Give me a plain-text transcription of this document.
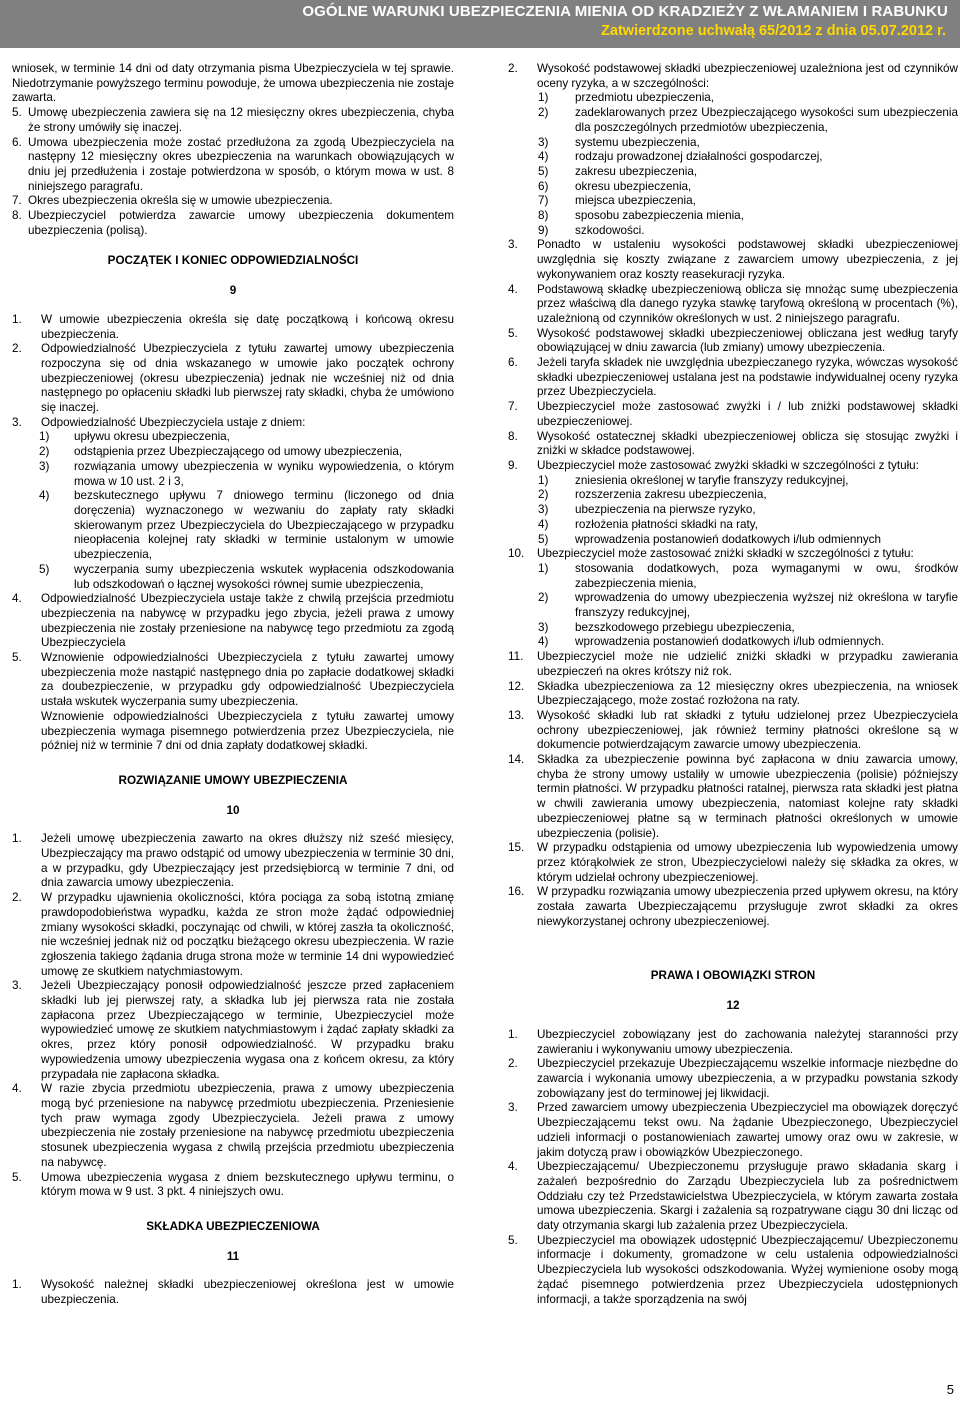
OGÓLNE WARUNKI UBEZPIECZENIA MIENIA OD KRADZIEŻY Z WŁAMANIEM I RABUNKU
Zatwierdzone uchwałą 65/2012 z dnia 05.07.2012 r.

wniosek, w terminie 14 dni od daty otrzymania pisma Ubezpieczyciela w tej sprawie. Niedotrzymanie powyższego terminu powoduje, że umowa ubezpieczenia nie zostaje zawarta.

5. Umowę ubezpieczenia zawiera się na 12 miesięczny okres ubezpieczenia, chyba że strony umówiły się inaczej.
6. Umowa ubezpieczenia może zostać przedłużona za zgodą Ubezpieczyciela na następny 12 miesięczny okres ubezpieczenia na warunkach obowiązujących w dniu jej przedłużenia i zostaje potwierdzona w sposób, o którym mowa w ust. 8 niniejszego paragrafu.
7. Okres ubezpieczenia określa się w umowie ubezpieczenia.
8. Ubezpieczyciel potwierdza zawarcie umowy ubezpieczenia dokumentem ubezpieczenia (polisą).
POCZĄTEK I KONIEC ODPOWIEDZIALNOŚCI
9
1.	W umowie ubezpieczenia określa się datę początkową i końcową okresu ubezpieczenia.
2.	Odpowiedzialność Ubezpieczyciela z tytułu zawartej umowy ubezpieczenia rozpoczyna się od dnia wskazanego w umowie jako początek ochrony ubezpieczeniowej (okresu ubezpieczenia) jednak nie wcześniej niż od dnia następnego po opłaceniu składki lub pierwszej raty składki, chyba że umówiono się inaczej.
3.	Odpowiedzialność Ubezpieczyciela ustaje z dniem:
1)	upływu okresu ubezpieczenia,
2)	odstąpienia przez Ubezpieczającego od umowy ubezpieczenia,
3)	rozwiązania umowy ubezpieczenia w wyniku wypowiedzenia, o którym mowa w 10 ust. 2 i 3,
4)	bezskutecznego upływu 7 dniowego terminu (liczonego od dnia doręczenia) wyznaczonego w wezwaniu do zapłaty raty składki skierowanym przez Ubezpieczyciela do Ubezpieczającego w przypadku nieopłacenia kolejnej raty składki w terminie ustalonym w umowie ubezpieczenia,
5)	wyczerpania sumy ubezpieczenia wskutek wypłacenia odszkodowania lub odszkodowań o łącznej wysokości równej sumie ubezpieczenia,
4.	Odpowiedzialność Ubezpieczyciela ustaje także z chwilą przejścia przedmiotu ubezpieczenia na nabywcę w przypadku jego zbycia, jeżeli prawa z umowy ubezpieczenia nie zostały przeniesione na nabywcę tego przedmiotu za zgodą Ubezpieczyciela
5.	Wznowienie odpowiedzialności Ubezpieczyciela z tytułu zawartej umowy ubezpieczenia może nastąpić następnego dnia po zapłacie dodatkowej składki za doubezpieczenie, w przypadku gdy odpowiedzialność Ubezpieczyciela ustała wskutek wyczerpania sumy ubezpieczenia.
Wznowienie odpowiedzialności Ubezpieczyciela z tytułu zawartej umowy ubezpieczenia wymaga pisemnego potwierdzenia przez Ubezpieczyciela, nie później niż w terminie 7 dni od dnia zapłaty dodatkowej składki.
ROZWIĄZANIE UMOWY UBEZPIECZENIA
10
1.	Jeżeli umowę ubezpieczenia zawarto na okres dłuższy niż sześć miesięcy, Ubezpieczający ma prawo odstąpić od umowy ubezpieczenia w terminie 30 dni, a w przypadku, gdy Ubezpieczający jest przedsiębiorcą w terminie 7 dni, od dnia zawarcia umowy ubezpieczenia.
2.	W przypadku ujawnienia okoliczności, która pociąga za sobą istotną zmianę prawdopodobieństwa wypadku, każda ze stron może żądać odpowiedniej zmiany wysokości składki, poczynając od chwili, w której zaszła ta okoliczność, nie wcześniej jednak niż od początku bieżącego okresu ubezpieczenia. W razie zgłoszenia takiego żądania druga strona może w terminie 14 dni wypowiedzieć umowę ze skutkiem natychmiastowym.
3.	Jeżeli Ubezpieczający ponosił odpowiedzialność jeszcze przed zapłaceniem składki lub jej pierwszej raty, a składka lub jej pierwsza rata nie została zapłacona przez Ubezpieczającego w terminie, Ubezpieczyciel może wypowiedzieć umowę ze skutkiem natychmiastowym i żądać zapłaty składki za okres, przez który ponosił odpowiedzialność. W przypadku braku wypowiedzenia umowy ubezpieczenia wygasa ona z końcem okresu, za który przypadała nie zapłacona składka.
4.	W razie zbycia przedmiotu ubezpieczenia, prawa z umowy ubezpieczenia mogą być przeniesione na nabywcę przedmiotu ubezpieczenia. Przeniesienie tych praw wymaga zgody Ubezpieczyciela. Jeżeli prawa z umowy ubezpieczenia nie zostały przeniesione na nabywcę przedmiotu ubezpieczenia stosunek ubezpieczenia wygasa z chwilą przejścia przedmiotu ubezpieczenia na nabywcę.
5.	Umowa ubezpieczenia wygasa z dniem bezskutecznego upływu terminu, o którym mowa w 9 ust. 3 pkt. 4 niniejszych owu.
SKŁADKA UBEZPIECZENIOWA
11
1.	Wysokość należnej składki ubezpieczeniowej określona jest w umowie ubezpieczenia.
2.	Wysokość podstawowej składki ubezpieczeniowej uzależniona jest od czynników oceny ryzyka, a w szczególności:
1)	przedmiotu ubezpieczenia,
2)	zadeklarowanych przez Ubezpieczającego wysokości sum ubezpieczenia dla poszczególnych przedmiotów ubezpieczenia,
3)	systemu ubezpieczenia,
4)	rodzaju prowadzonej działalności gospodarczej,
5)	zakresu ubezpieczenia,
6)	okresu ubezpieczenia,
7)	miejsca ubezpieczenia,
8)	sposobu zabezpieczenia mienia,
9)	szkodowości.
3.	Ponadto w ustaleniu wysokości podstawowej składki ubezpieczeniowej uwzględnia się koszty związane z zawarciem umowy ubezpieczenia, z jej wykonywaniem oraz koszty reasekuracji ryzyka.
4.	Podstawową składkę ubezpieczeniową oblicza się mnożąc sumę ubezpieczenia przez właściwą dla danego ryzyka stawkę taryfową określoną w procentach (%), uzależnioną od czynników określonych w ust. 2 niniejszego paragrafu.
5.	Wysokość podstawowej składki ubezpieczeniowej obliczana jest według taryfy obowiązującej w dniu zawarcia (lub zmiany) umowy ubezpieczenia.
6.	Jeżeli taryfa składek nie uwzględnia ubezpieczanego ryzyka, wówczas wysokość składki ubezpieczeniowej ustalana jest na podstawie indywidualnej oceny ryzyka przez Ubezpieczyciela.
7.	Ubezpieczyciel może zastosować zwyżki i / lub zniżki podstawowej składki ubezpieczeniowej.
8.	Wysokość ostatecznej składki ubezpieczeniowej oblicza się stosując zwyżki i zniżki w składce podstawowej.
9.	Ubezpieczyciel może zastosować zwyżki składki w szczególności z tytułu:
1)	zniesienia określonej w taryfie franszyzy redukcyjnej,
2)	rozszerzenia zakresu ubezpieczenia,
3)	ubezpieczenia na pierwsze ryzyko,
4)	rozłożenia płatności składki na raty,
5)	wprowadzenia postanowień dodatkowych i/lub odmiennych
10.	Ubezpieczyciel może zastosować zniżki składki w szczególności z tytułu:
1)	stosowania dodatkowych, poza wymaganymi w owu, środków zabezpieczenia mienia,
2)	wprowadzenia do umowy ubezpieczenia wyższej niż określona w taryfie franszyzy redukcyjnej,
3)	bezszkodowego przebiegu ubezpieczenia,
4)	wprowadzenia postanowień dodatkowych i/lub odmiennych.
11.	Ubezpieczyciel może nie udzielić zniżki składki w przypadku zawierania ubezpieczeń na okres krótszy niż rok.
12.	Składka ubezpieczeniowa za 12 miesięczny okres ubezpieczenia, na wniosek Ubezpieczającego, może zostać rozłożona na raty.
13.	Wysokość składki lub rat składki z tytułu udzielonej przez Ubezpieczyciela ochrony ubezpieczeniowej, jak również terminy płatności określone są w dokumencie potwierdzającym zawarcie umowy ubezpieczenia.
14.	Składka za ubezpieczenie powinna być zapłacona w dniu zawarcia umowy, chyba że strony umowy ustaliły w umowie ubezpieczenia (polisie) późniejszy termin płatności. W przypadku płatności ratalnej, pierwsza rata składki jest płatna w chwili zawierania umowy ubezpieczenia, natomiast kolejne raty składki ubezpieczeniowej płatne są w terminach płatności określonych w umowie ubezpieczenia (polisie).
15.	W przypadku odstąpienia od umowy ubezpieczenia lub wypowiedzenia umowy przez którąkolwiek ze stron, Ubezpieczycielowi należy się składka za okres, w którym udzielał ochrony ubezpieczeniowej.
16.	W przypadku rozwiązania umowy ubezpieczenia przed upływem okresu, na który została zawarta Ubezpieczającemu przysługuje zwrot składki za okres niewykorzystanej ochrony ubezpieczeniowej.
PRAWA I OBOWIĄZKI STRON
12
1.	Ubezpieczyciel zobowiązany jest do zachowania należytej staranności przy zawieraniu i wykonywaniu umowy ubezpieczenia.
2.	Ubezpieczyciel przekazuje Ubezpieczającemu wszelkie informacje niezbędne do zawarcia i wykonania umowy ubezpieczenia, a w przypadku powstania szkody zobowiązany jest do terminowej jej likwidacji.
3.	Przed zawarciem umowy ubezpieczenia Ubezpieczyciel ma obowiązek doręczyć Ubezpieczającemu tekst owu. Na żądanie Ubezpieczonego, Ubezpieczyciel udzieli informacji o postanowieniach zawartej umowy oraz owu w zakresie, w jakim dotyczą praw i obowiązków Ubezpieczonego.
4.	Ubezpieczającemu/ Ubezpieczonemu przysługuje prawo składania skarg i zażaleń bezpośrednio do Zarządu Ubezpieczyciela lub za pośrednictwem Oddziału czy też Przedstawicielstwa Ubezpieczyciela, w którym zawarta została umowa ubezpieczenia. Skargi i zażalenia są rozpatrywane ciągu 30 dni licząc od daty otrzymania skargi lub zażalenia przez Ubezpieczyciela.
5.	Ubezpieczyciel ma obowiązek udostępnić Ubezpieczającemu/ Ubezpieczonemu informacje i dokumenty, gromadzone w celu ustalenia odpowiedzialności Ubezpieczyciela lub wysokości odszkodowania. Wyżej wymienione osoby mogą żądać pisemnego potwierdzenia przez Ubezpieczyciela udostępnionych informacji, a także sporządzenia na swój
5
